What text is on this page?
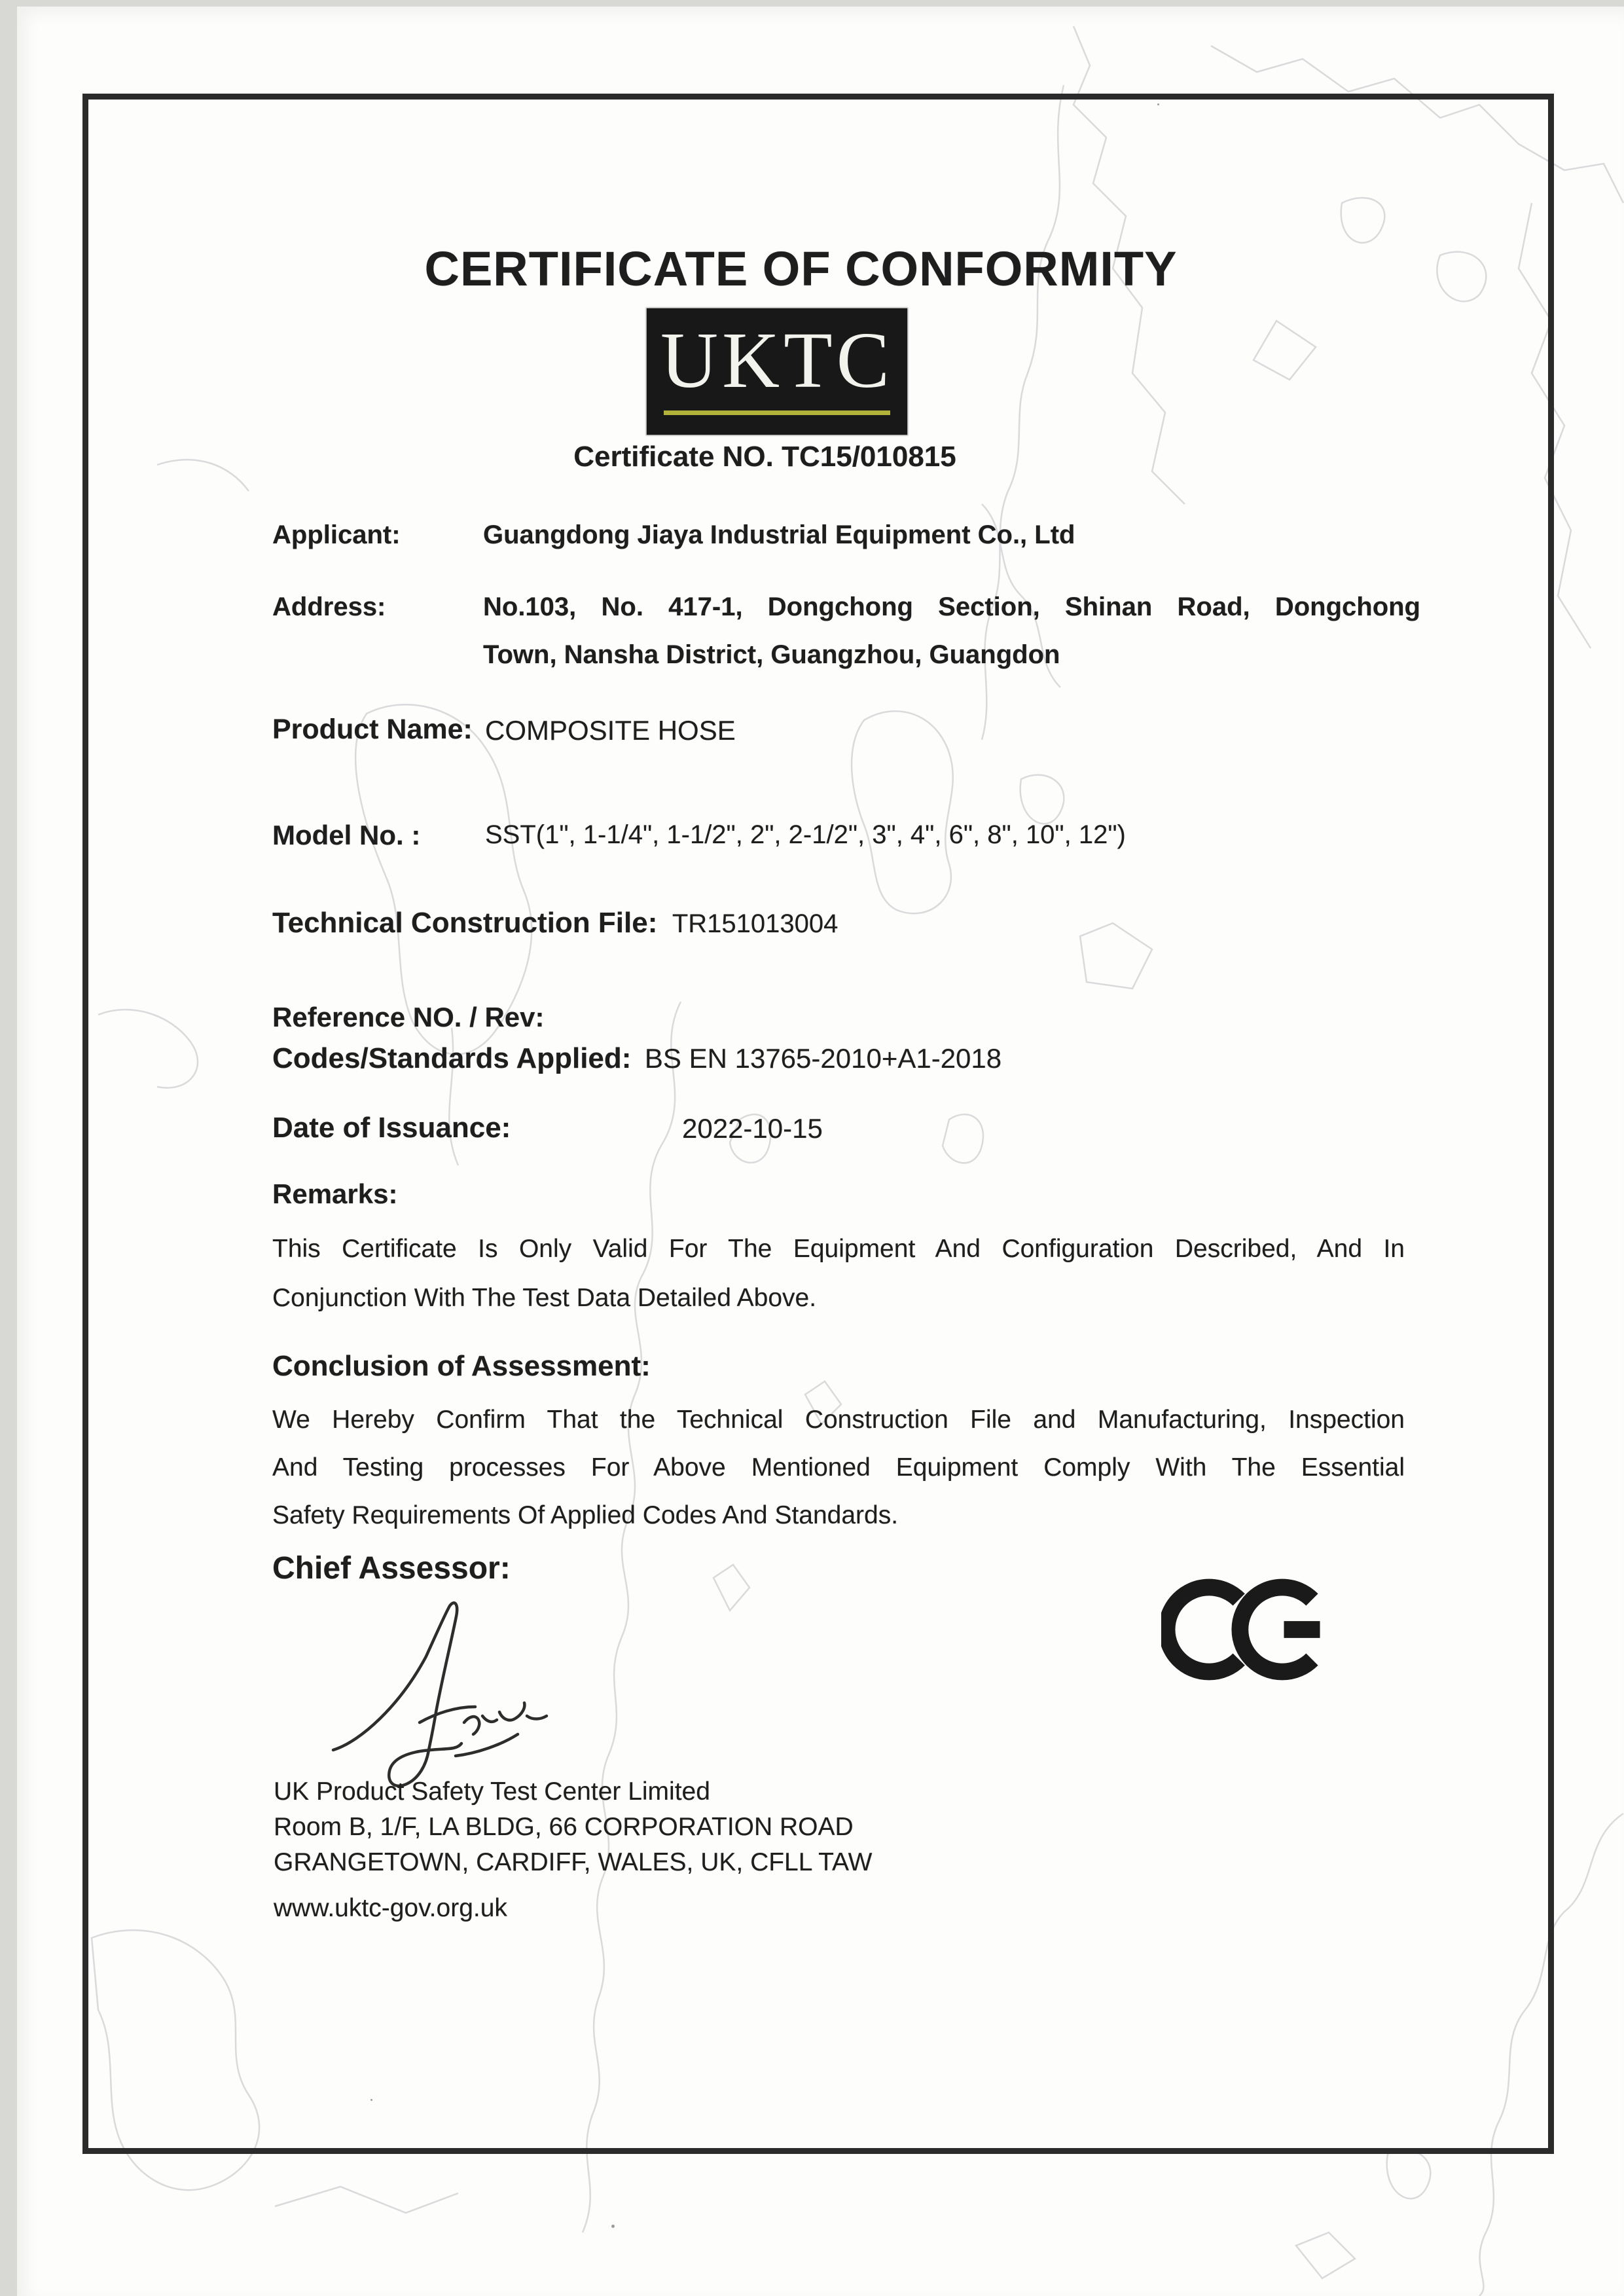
CERTIFICATE OF CONFORMITY
UKTC
Certificate NO. TC15/010815
Applicant:	Guangdong Jiaya Industrial Equipment Co., Ltd
Address:	No.103, No. 417-1, Dongchong Section, Shinan Road, Dongchong
Town, Nansha District, Guangzhou, Guangdon
Product Name: COMPOSITE HOSE
Model No. : SST(1", 1-1/4", 1-1/2", 2", 2-1/2", 3", 4", 6", 8", 10", 12")
Technical Construction File: TR151013004
Reference NO. / Rev:
Codes/Standards Applied: BS EN 13765-2010+A1-2018
Date of Issuance:	2022-10-15
Remarks:
This Certificate Is Only Valid For The Equipment And Configuration Described, And In
Conjunction With The Test Data Detailed Above.
Conclusion of Assessment:
We Hereby Confirm That the Technical Construction File and Manufacturing, Inspection
And Testing processes For Above Mentioned Equipment Comply With The Essential
Safety Requirements Of Applied Codes And Standards.
Chief Assessor:
UK Product Safety Test Center Limited
Room B, 1/F, LA BLDG, 66 CORPORATION ROAD
GRANGETOWN, CARDIFF, WALES, UK, CFLL TAW
www.uktc-gov.org.uk
